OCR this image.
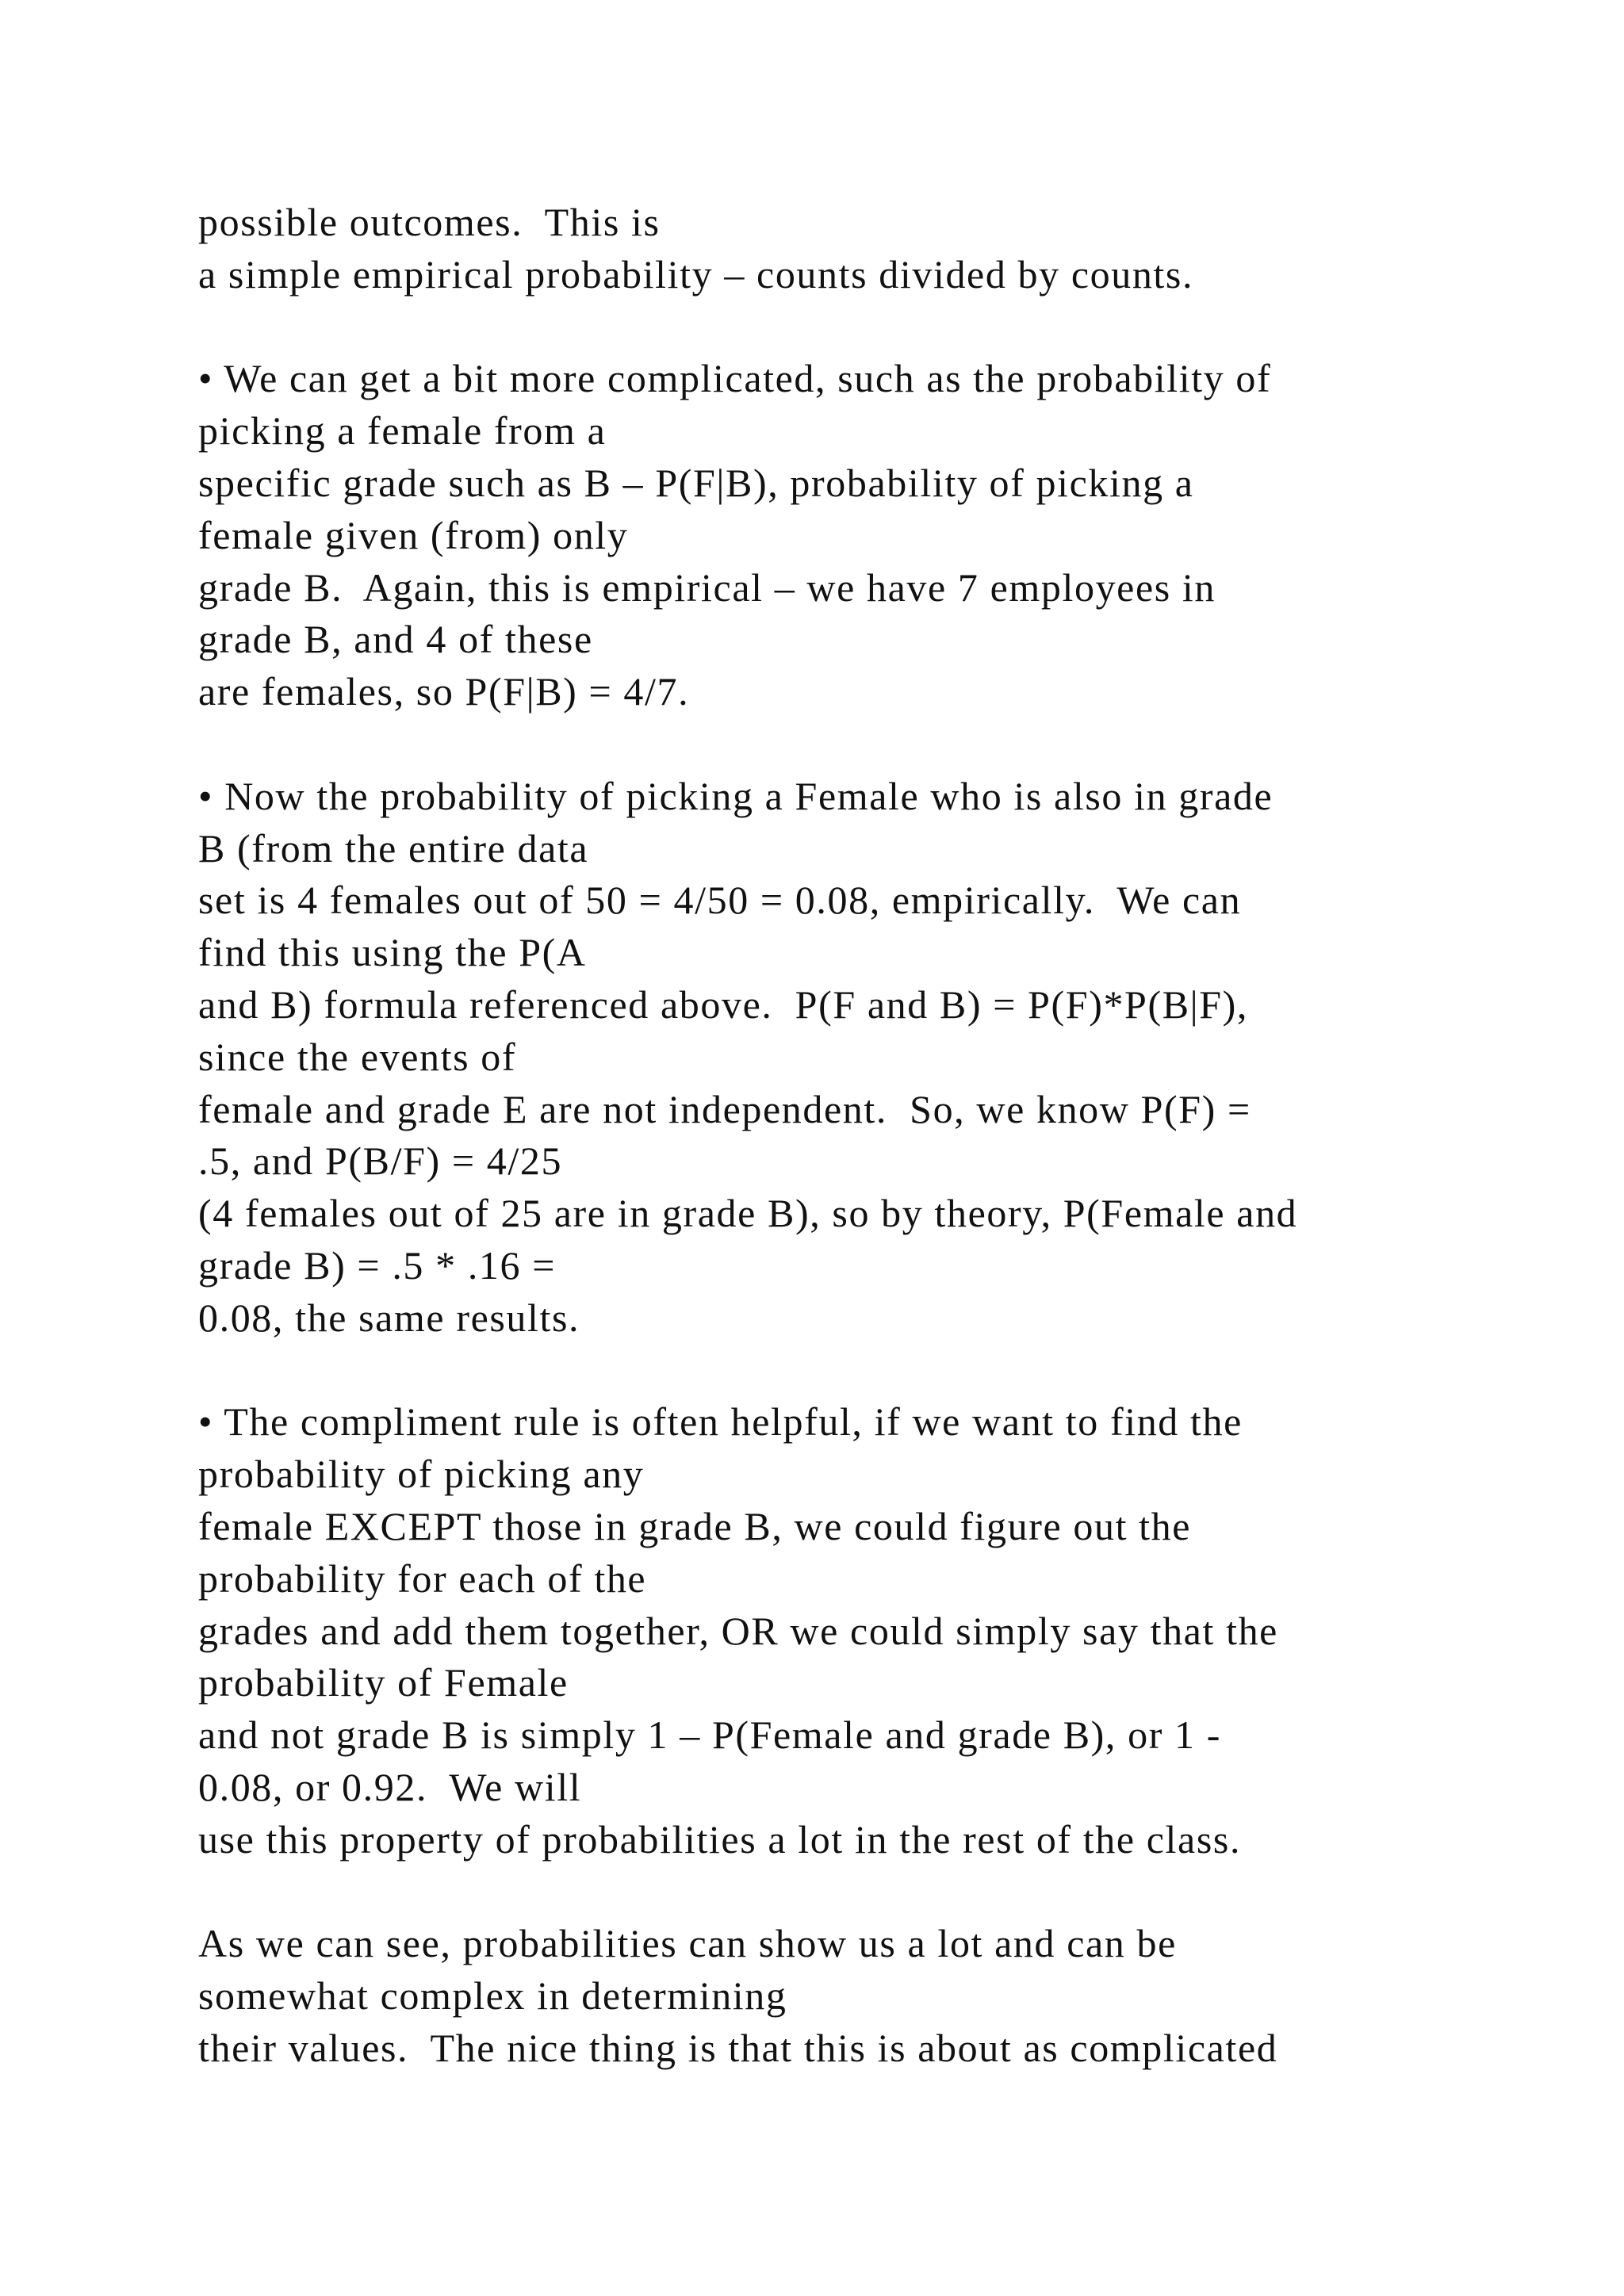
possible outcomes.  This is
a simple empirical probability – counts divided by counts.
• We can get a bit more complicated, such as the probability of
picking a female from a
specific grade such as B – P(F|B), probability of picking a
female given (from) only
grade B.  Again, this is empirical – we have 7 employees in
grade B, and 4 of these
are females, so P(F|B) = 4/7.
• Now the probability of picking a Female who is also in grade
B (from the entire data
set is 4 females out of 50 = 4/50 = 0.08, empirically.  We can
find this using the P(A
and B) formula referenced above.  P(F and B) = P(F)*P(B|F),
since the events of
female and grade E are not independent.  So, we know P(F) =
.5, and P(B/F) = 4/25
(4 females out of 25 are in grade B), so by theory, P(Female and
grade B) = .5 * .16 =
0.08, the same results.
• The compliment rule is often helpful, if we want to find the
probability of picking any
female EXCEPT those in grade B, we could figure out the
probability for each of the
grades and add them together, OR we could simply say that the
probability of Female
and not grade B is simply 1 – P(Female and grade B), or 1 -
0.08, or 0.92.  We will
use this property of probabilities a lot in the rest of the class.
As we can see, probabilities can show us a lot and can be
somewhat complex in determining
their values.  The nice thing is that this is about as complicated
